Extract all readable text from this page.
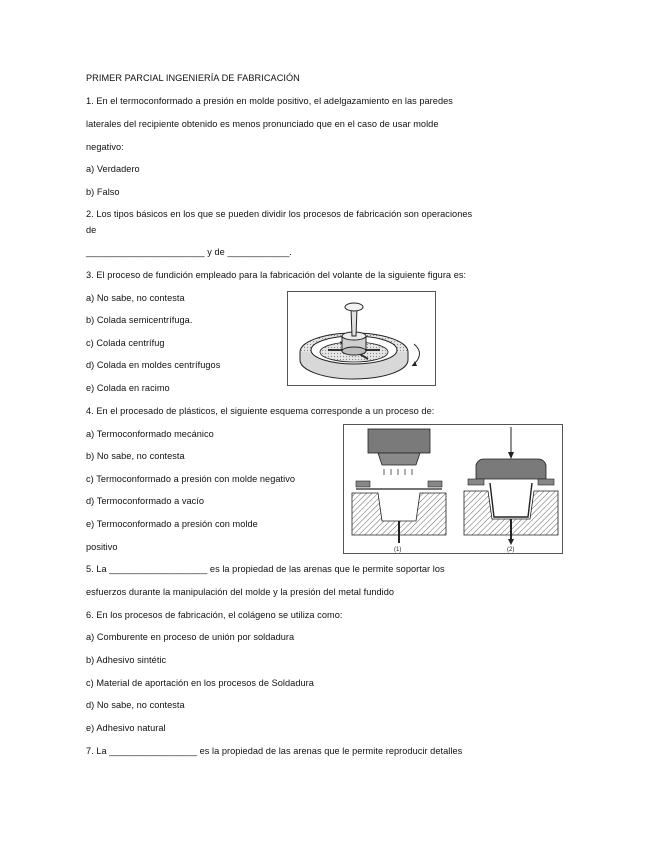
PRIMER PARCIAL INGENIERÍA DE FABRICACIÓN
1. En el termoconformado a presión en molde positivo, el adelgazamiento en las paredes
laterales del recipiente obtenido es menos pronunciado que en el caso de usar molde
negativo:
a) Verdadero
b) Falso
2. Los tipos básicos en los que se pueden dividir los procesos de fabricación son operaciones
de
_______________________ y de ____________.
3. El proceso de fundición empleado para la fabricación del volante de la siguiente figura es:
a) No sabe, no contesta
b) Colada semicentrífuga.
c) Colada centrífug
d) Colada en moldes centrífugos
e) Colada en racimo
4. En el procesado de plásticos, el siguiente esquema corresponde a un proceso de:
a) Termoconformado mecánico
b) No sabe, no contesta
c) Termoconformado a presión con molde negativo
d) Termoconformado a vacío
e) Termoconformado a presión con molde
positivo	(1)	(2)
5. La ___________________ es la propiedad de las arenas que le permite soportar los
esfuerzos durante la manipulación del molde y la presión del metal fundido
6. En los procesos de fabricación, el colágeno se utiliza como:
a) Comburente en proceso de unión por soldadura
b) Adhesivo sintétic
c) Material de aportación en los procesos de Soldadura
d) No sabe, no contesta
e) Adhesivo natural
7. La _________________ es la propiedad de las arenas que le permite reproducir detalles
